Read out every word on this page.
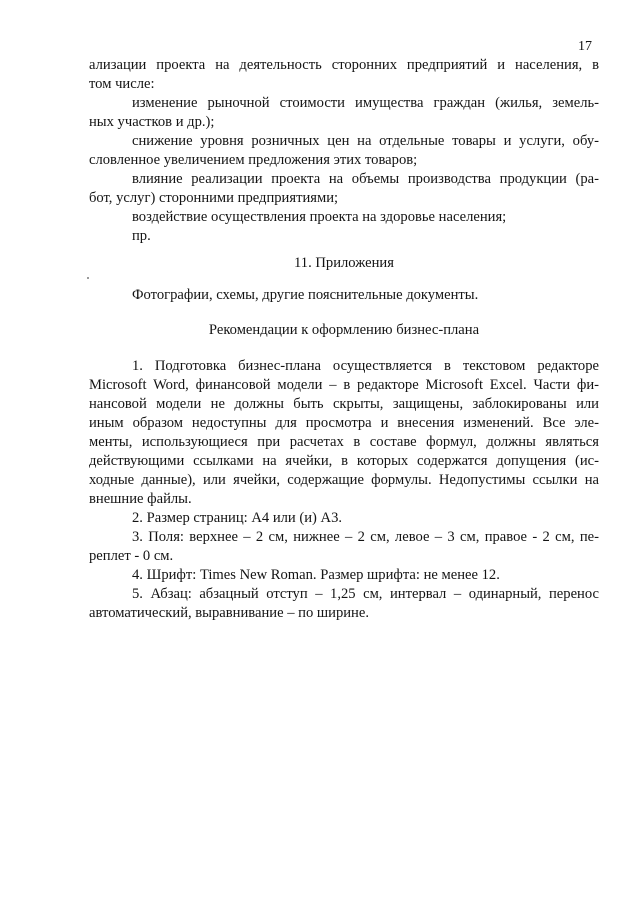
17

ализации проекта на деятельность сторонних предприятий и населения, в

том числе:

изменение рыночной стоимости имущества граждан (жилья, земель-

ных участков и др.);

снижение уровня розничных цен на отдельные товары и услуги, обу-

словленное увеличением предложения этих товаров;

влияние реализации проекта на объемы производства продукции (ра-

бот, услуг) сторонними предприятиями;

воздействие осуществления проекта на здоровье населения;

пр.

11. Приложения

Фотографии, схемы, другие пояснительные документы.

Рекомендации к оформлению бизнес-плана

1. Подготовка бизнес-плана осуществляется в текстовом редакторе

Microsoft Word, финансовой модели – в редакторе Microsoft Excel. Части фи-

нансовой модели не должны быть скрыты, защищены, заблокированы или

иным образом недоступны для просмотра и внесения изменений. Все эле-

менты, использующиеся при расчетах в составе формул, должны являться

действующими ссылками на ячейки, в которых содержатся допущения (ис-

ходные данные), или ячейки, содержащие формулы. Недопустимы ссылки на

внешние файлы.

2. Размер страниц: А4 или (и) А3.

3. Поля: верхнее – 2 см, нижнее – 2 см, левое – 3 см, правое - 2 см, пе-

реплет - 0 см.

4. Шрифт: Times New Roman. Размер шрифта: не менее 12.

5. Абзац: абзацный отступ – 1,25 см, интервал – одинарный, перенос

автоматический, выравнивание – по ширине.
